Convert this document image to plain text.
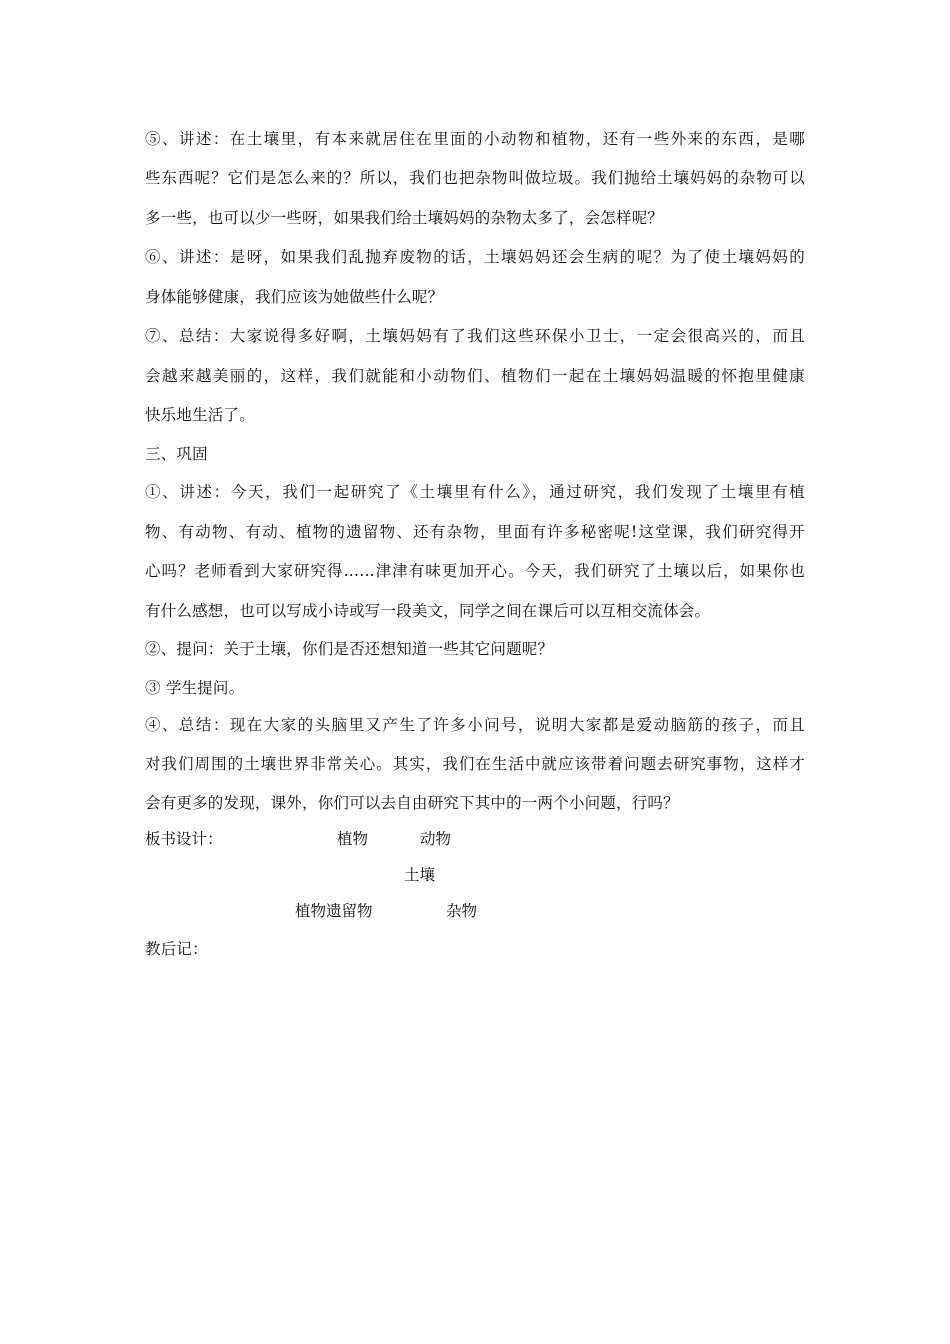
⑤、讲述：在土壤里，有本来就居住在里面的小动物和植物，还有一些外来的东西，是哪
些东西呢？它们是怎么来的？所以，我们也把杂物叫做垃圾。我们抛给土壤妈妈的杂物可以
多一些，也可以少一些呀，如果我们给土壤妈妈的杂物太多了，会怎样呢？
⑥、讲述：是呀，如果我们乱抛弃废物的话，土壤妈妈还会生病的呢？为了使土壤妈妈的
身体能够健康，我们应该为她做些什么呢？
⑦、总结：大家说得多好啊，土壤妈妈有了我们这些环保小卫士，一定会很高兴的，而且
会越来越美丽的，这样，我们就能和小动物们、植物们一起在土壤妈妈温暖的怀抱里健康
快乐地生活了。
三、巩固
①、讲述：今天，我们一起研究了《土壤里有什么》，通过研究，我们发现了土壤里有植
物、有动物、有动、植物的遗留物、还有杂物，里面有许多秘密呢!这堂课，我们研究得开
心吗？老师看到大家研究得……津津有味更加开心。今天，我们研究了土壤以后，如果你也
有什么感想，也可以写成小诗或写一段美文，同学之间在课后可以互相交流体会。
②、提问：关于土壤，你们是否还想知道一些其它问题呢？
③ 学生提问。
④、总结：现在大家的头脑里又产生了许多小问号，说明大家都是爱动脑筋的孩子，而且
对我们周围的土壤世界非常关心。其实，我们在生活中就应该带着问题去研究事物，这样才
会有更多的发现，课外，你们可以去自由研究下其中的一两个小问题，行吗？
板书设计：	植物	动物
土壤
植物遗留物	杂物
教后记：
